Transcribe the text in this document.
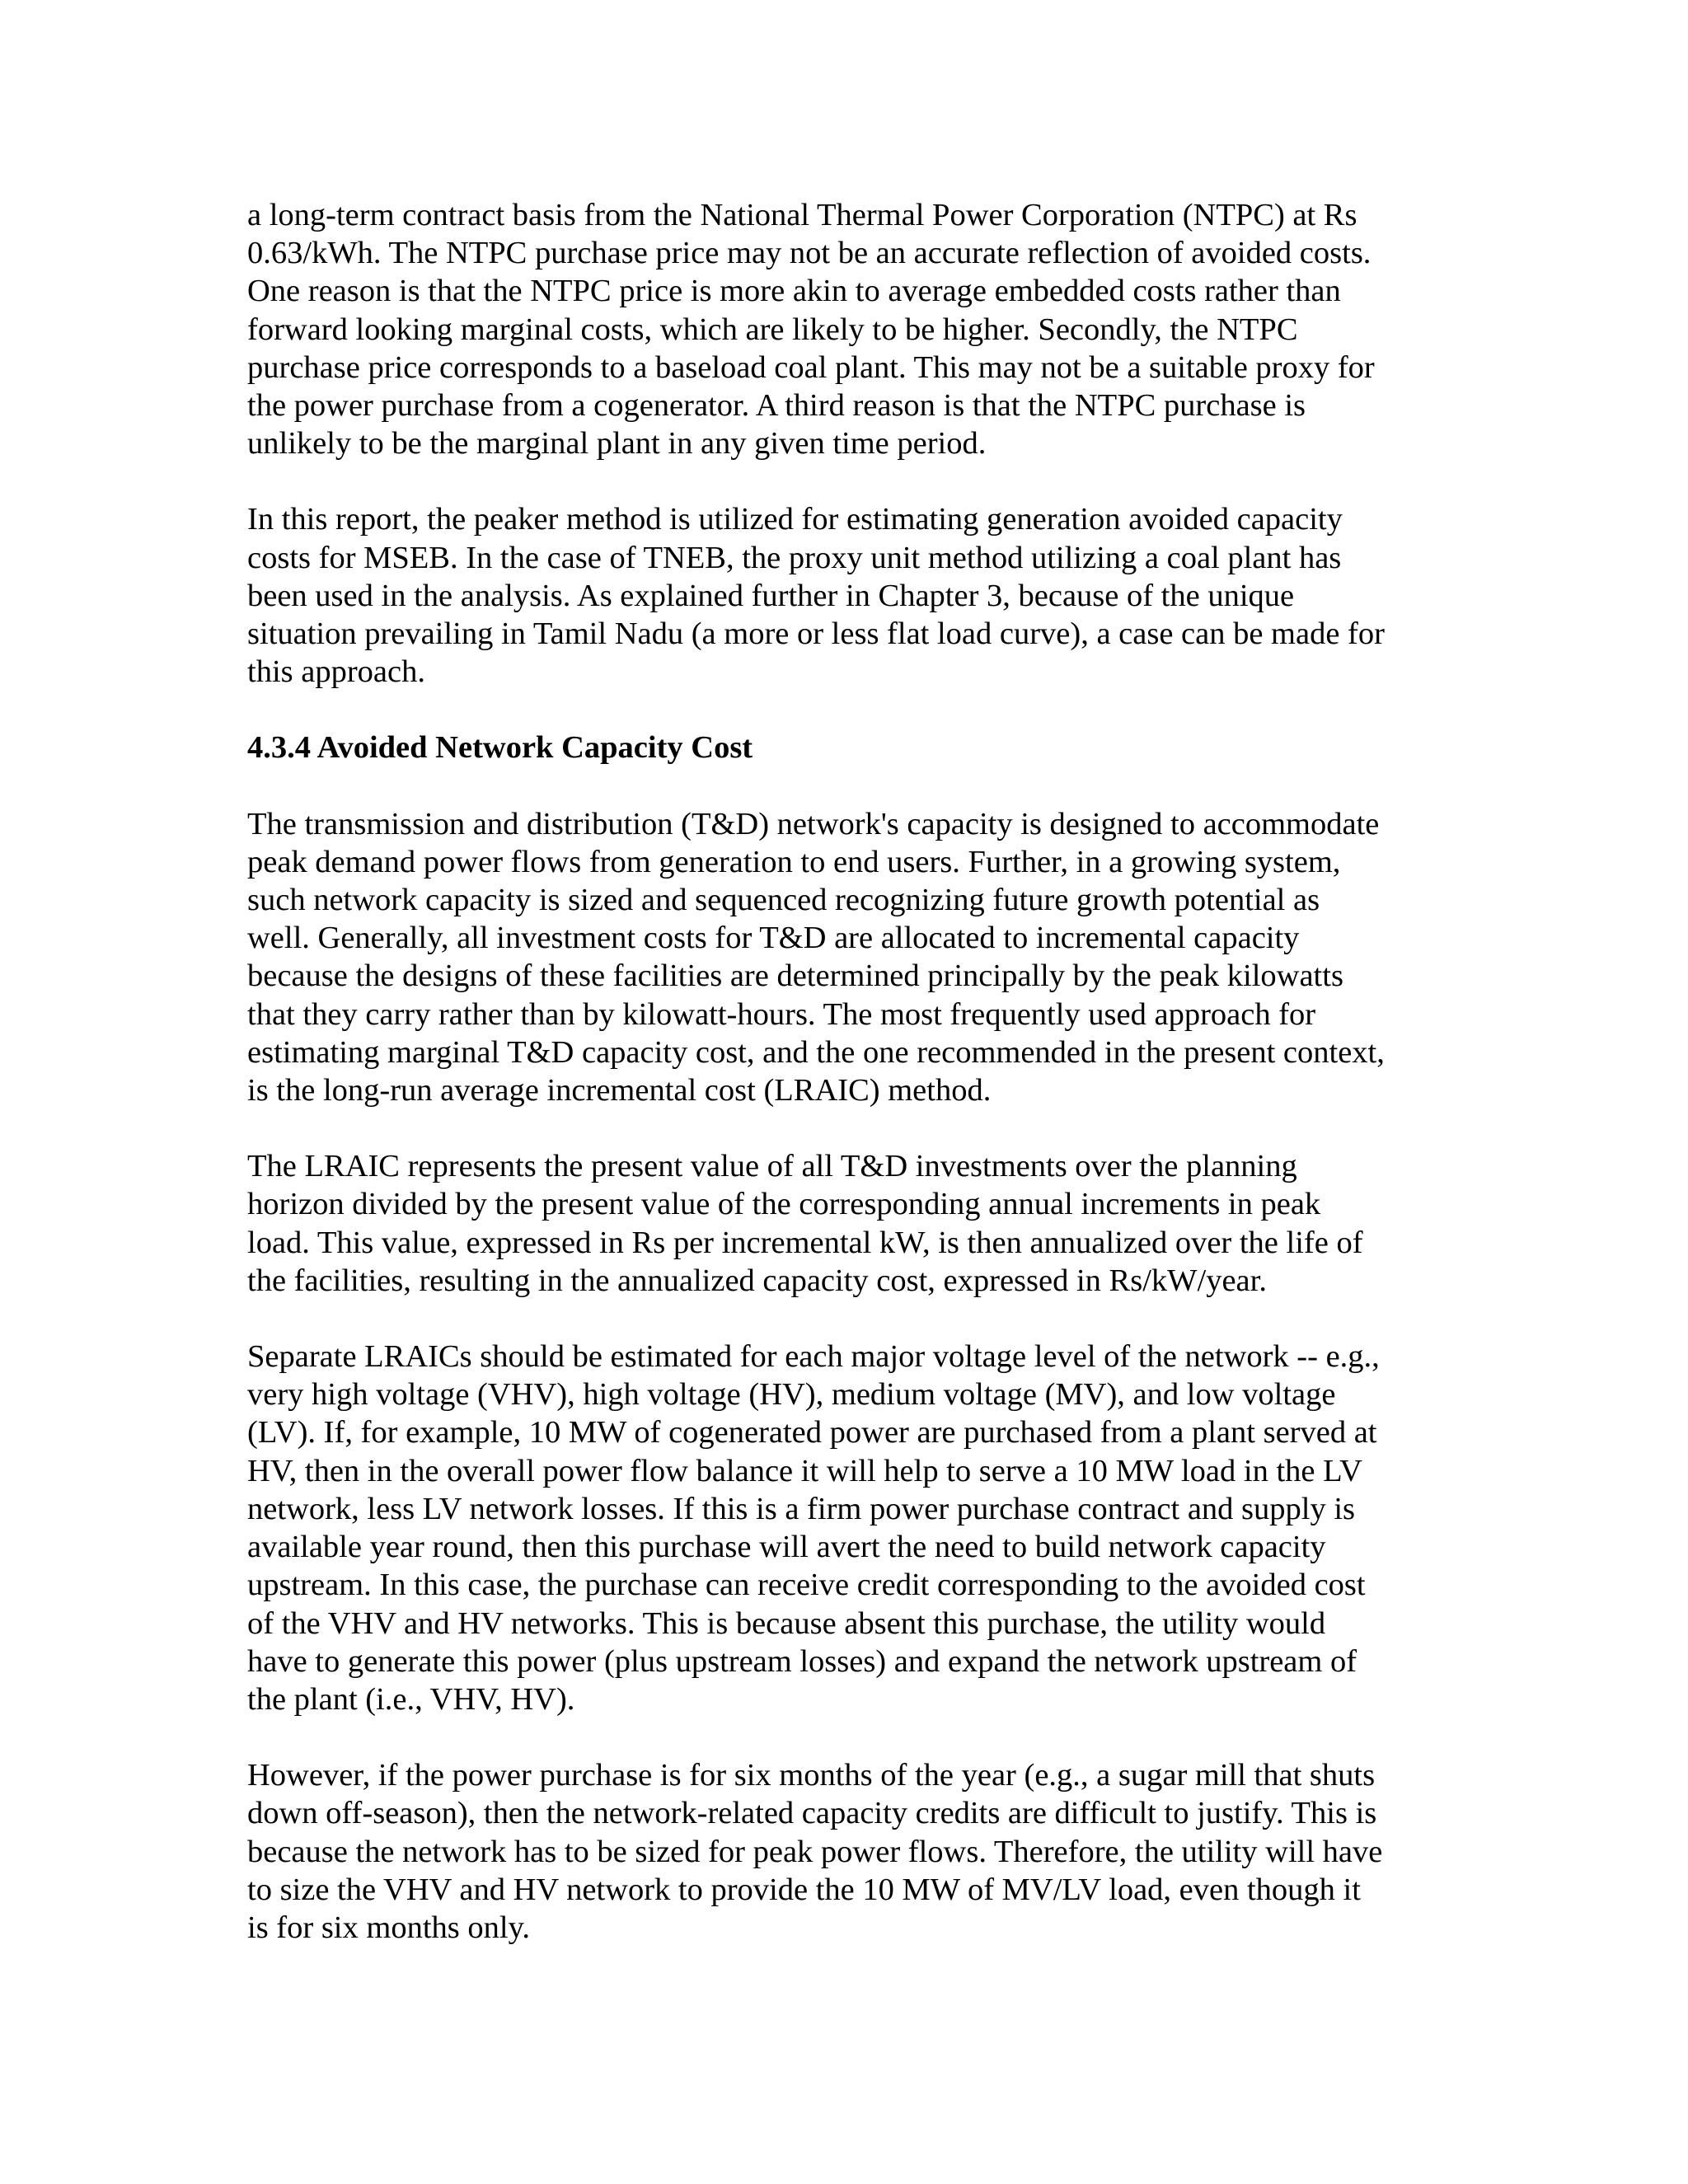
a long-term contract basis from the National Thermal Power Corporation (NTPC) at Rs
0.63/kWh. The NTPC purchase price may not be an accurate reflection of avoided costs.
One reason is that the NTPC price is more akin to average embedded costs rather than
forward looking marginal costs, which are likely to be higher. Secondly, the NTPC
purchase price corresponds to a baseload coal plant. This may not be a suitable proxy for
the power purchase from a cogenerator. A third reason is that the NTPC purchase is
unlikely to be the marginal plant in any given time period.
In this report, the peaker method is utilized for estimating generation avoided capacity
costs for MSEB. In the case of TNEB, the proxy unit method utilizing a coal plant has
been used in the analysis. As explained further in Chapter 3, because of the unique
situation prevailing in Tamil Nadu (a more or less flat load curve), a case can be made for
this approach.
4.3.4 Avoided Network Capacity Cost
The transmission and distribution (T&D) network's capacity is designed to accommodate
peak demand power flows from generation to end users. Further, in a growing system,
such network capacity is sized and sequenced recognizing future growth potential as
well. Generally, all investment costs for T&D are allocated to incremental capacity
because the designs of these facilities are determined principally by the peak kilowatts
that they carry rather than by kilowatt-hours. The most frequently used approach for
estimating marginal T&D capacity cost, and the one recommended in the present context,
is the long-run average incremental cost (LRAIC) method.
The LRAIC represents the present value of all T&D investments over the planning
horizon divided by the present value of the corresponding annual increments in peak
load. This value, expressed in Rs per incremental kW, is then annualized over the life of
the facilities, resulting in the annualized capacity cost, expressed in Rs/kW/year.
Separate LRAICs should be estimated for each major voltage level of the network -- e.g.,
very high voltage (VHV), high voltage (HV), medium voltage (MV), and low voltage
(LV). If, for example, 10 MW of cogenerated power are purchased from a plant served at
HV, then in the overall power flow balance it will help to serve a 10 MW load in the LV
network, less LV network losses. If this is a firm power purchase contract and supply is
available year round, then this purchase will avert the need to build network capacity
upstream. In this case, the purchase can receive credit corresponding to the avoided cost
of the VHV and HV networks. This is because absent this purchase, the utility would
have to generate this power (plus upstream losses) and expand the network upstream of
the plant (i.e., VHV, HV).
However, if the power purchase is for six months of the year (e.g., a sugar mill that shuts
down off-season), then the network-related capacity credits are difficult to justify. This is
because the network has to be sized for peak power flows. Therefore, the utility will have
to size the VHV and HV network to provide the 10 MW of MV/LV load, even though it
is for six months only.
